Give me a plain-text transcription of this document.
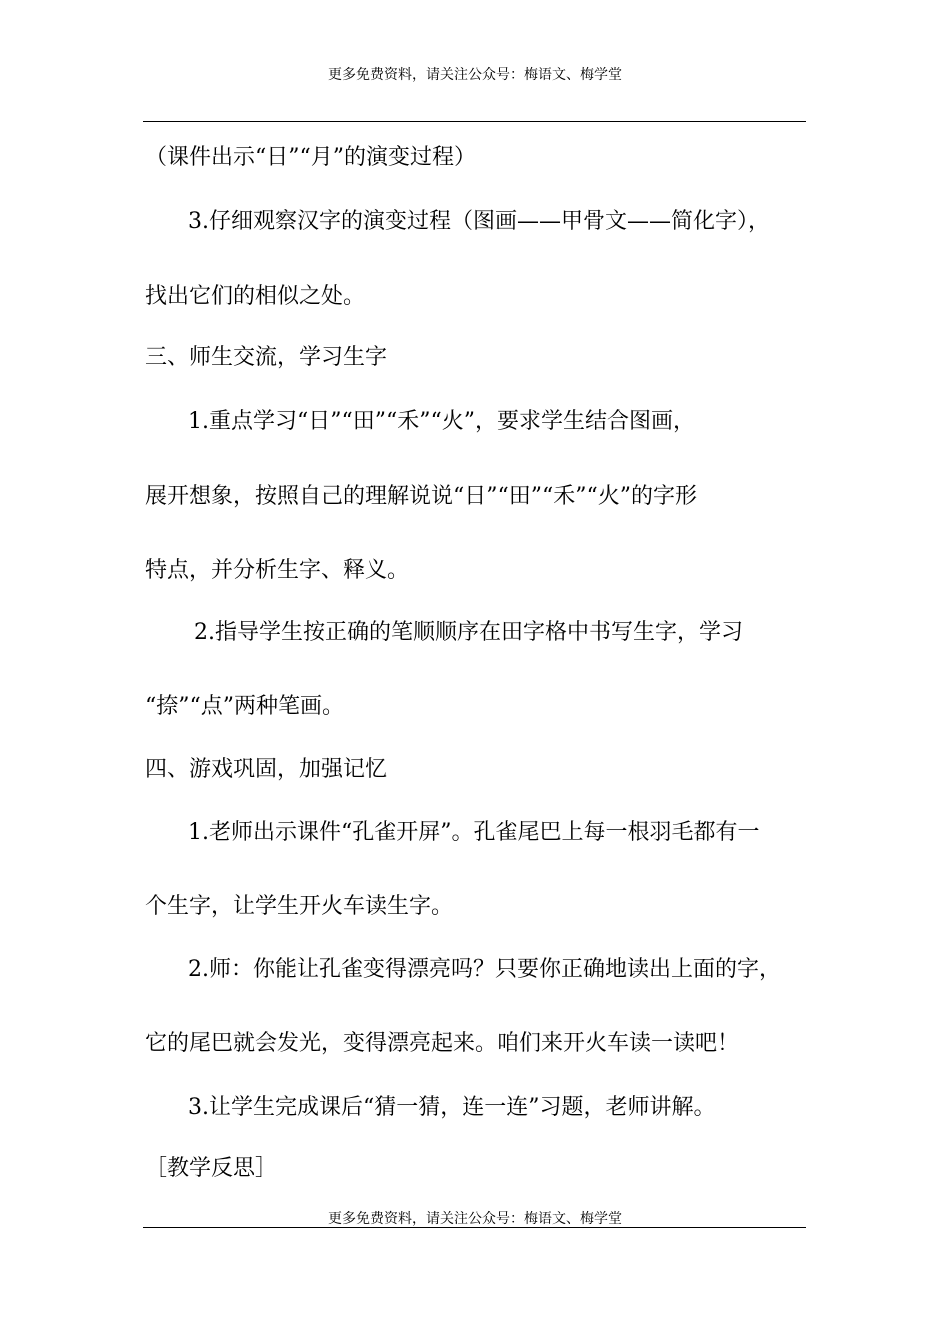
更多免费资料，请关注公众号：梅语文、梅学堂
（课件出示“日”“月”的演变过程）
3.仔细观察汉字的演变过程（图画——甲骨文——简化字），
找出它们的相似之处。
三、师生交流，学习生字
1.重点学习“日”“田”“禾”“火”，要求学生结合图画，
展开想象，按照自己的理解说说“日”“田”“禾”“火”的字形
特点，并分析生字、释义。
2.指导学生按正确的笔顺顺序在田字格中书写生字，学习
“捺”“点”两种笔画。
四、游戏巩固，加强记忆
1.老师出示课件“孔雀开屏”。孔雀尾巴上每一根羽毛都有一
个生字，让学生开火车读生字。
2.师：你能让孔雀变得漂亮吗？只要你正确地读出上面的字，
它的尾巴就会发光，变得漂亮起来。咱们来开火车读一读吧！
3.让学生完成课后“猜一猜，连一连”习题，老师讲解。
［教学反思］
更多免费资料，请关注公众号：梅语文、梅学堂
